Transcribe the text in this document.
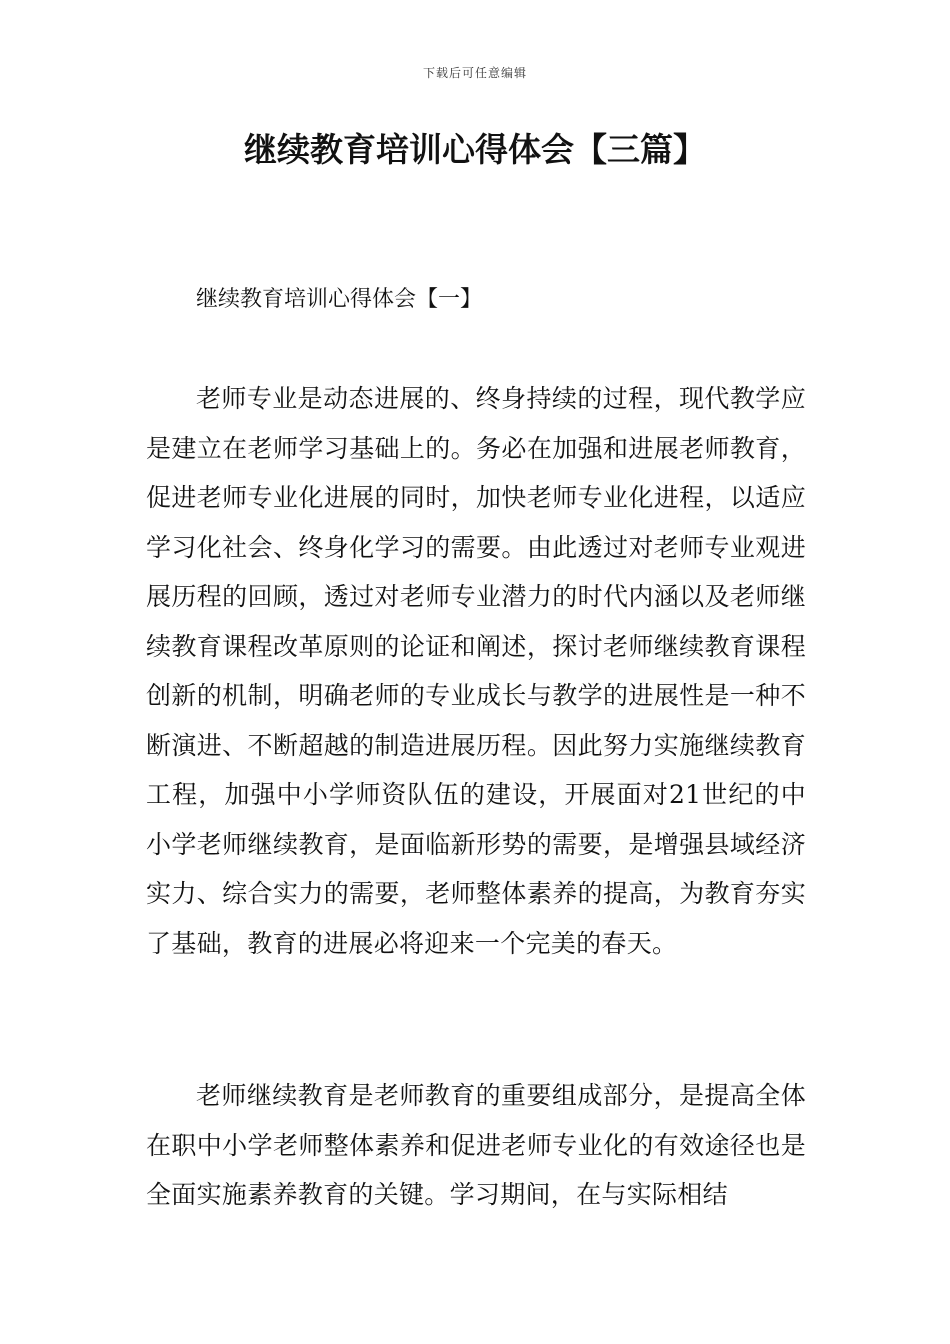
下载后可任意编辑
继续教育培训心得体会【三篇】
继续教育培训心得体会【一】

老师专业是动态进展的、终身持续的过程，现代教学应是建立在老师学习基础上的。务必在加强和进展老师教育，促进老师专业化进展的同时，加快老师专业化进程，以适应学习化社会、终身化学习的需要。由此透过对老师专业观进展历程的回顾，透过对老师专业潜力的时代内涵以及老师继续教育课程改革原则的论证和阐述，探讨老师继续教育课程创新的机制，明确老师的专业成长与教学的进展性是一种不断演进、不断超越的制造进展历程。因此努力实施继续教育工程，加强中小学师资队伍的建设，开展面对21世纪的中小学老师继续教育，是面临新形势的需要，是增强县域经济实力、综合实力的需要，老师整体素养的提高，为教育夯实了基础，教育的进展必将迎来一个完美的春天。

老师继续教育是老师教育的重要组成部分，是提高全体在职中小学老师整体素养和促进老师专业化的有效途径也是全面实施素养教育的关键。学习期间，在与实际相结
